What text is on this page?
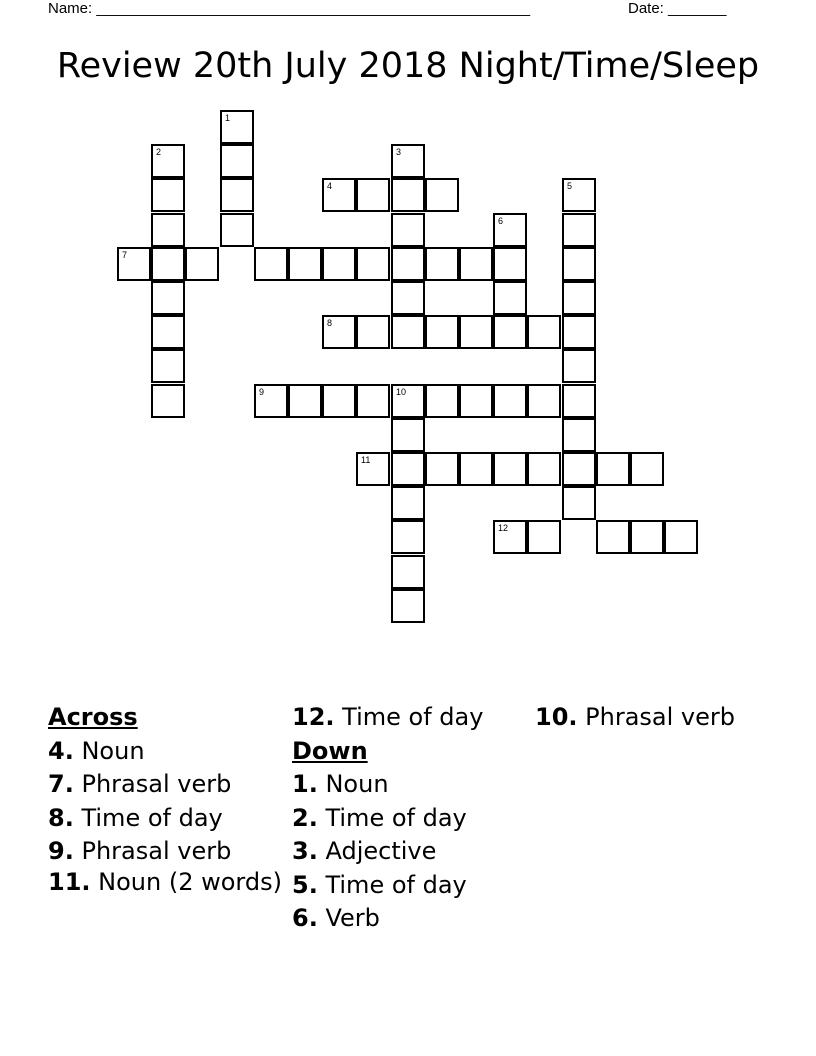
Name: ____________________________________________________	Date: _______
Review 20th July 2018 Night/Time/Sleep
1
2	3
4	5
6
7
8
9	10
11
12
Across
4. Noun
7. Phrasal verb
8. Time of day
9. Phrasal verb
11. Noun (2 words)
12. Time of day
Down
1. Noun
2. Time of day
3. Adjective
5. Time of day
6. Verb
10. Phrasal verb
